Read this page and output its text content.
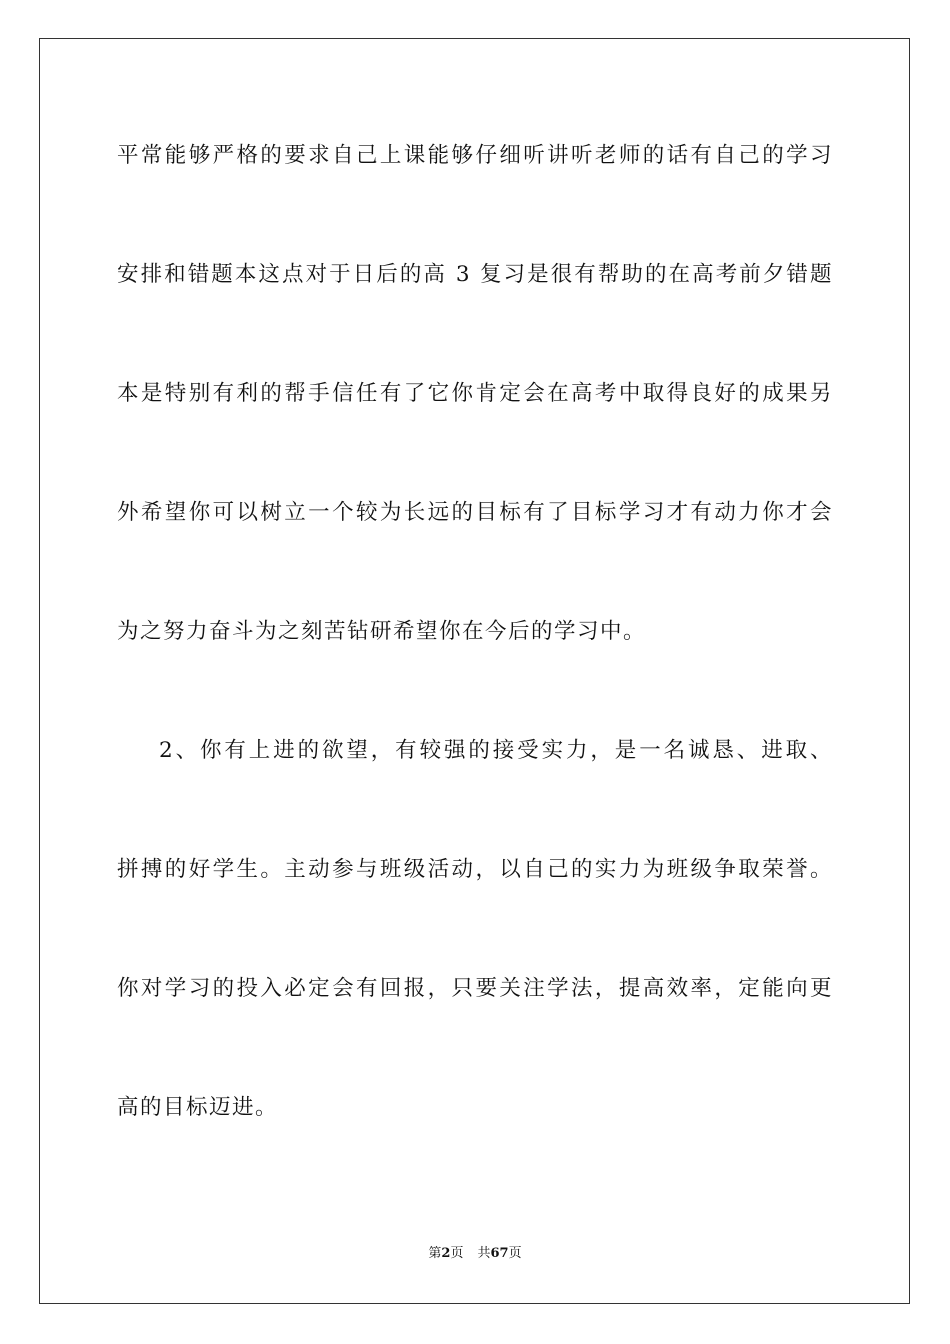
平常能够严格的要求自己上课能够仔细听讲听老师的话有自己的学习
安排和错题本这点对于日后的高 3 复习是很有帮助的在高考前夕错题
本是特别有利的帮手信任有了它你肯定会在高考中取得良好的成果另
外希望你可以树立一个较为长远的目标有了目标学习才有动力你才会
为之努力奋斗为之刻苦钻研希望你在今后的学习中。
2、你有上进的欲望，有较强的接受实力，是一名诚恳、进取、
拼搏的好学生。主动参与班级活动，以自己的实力为班级争取荣誉。
你对学习的投入必定会有回报，只要关注学法，提高效率，定能向更
高的目标迈进。
第2页 共67页
